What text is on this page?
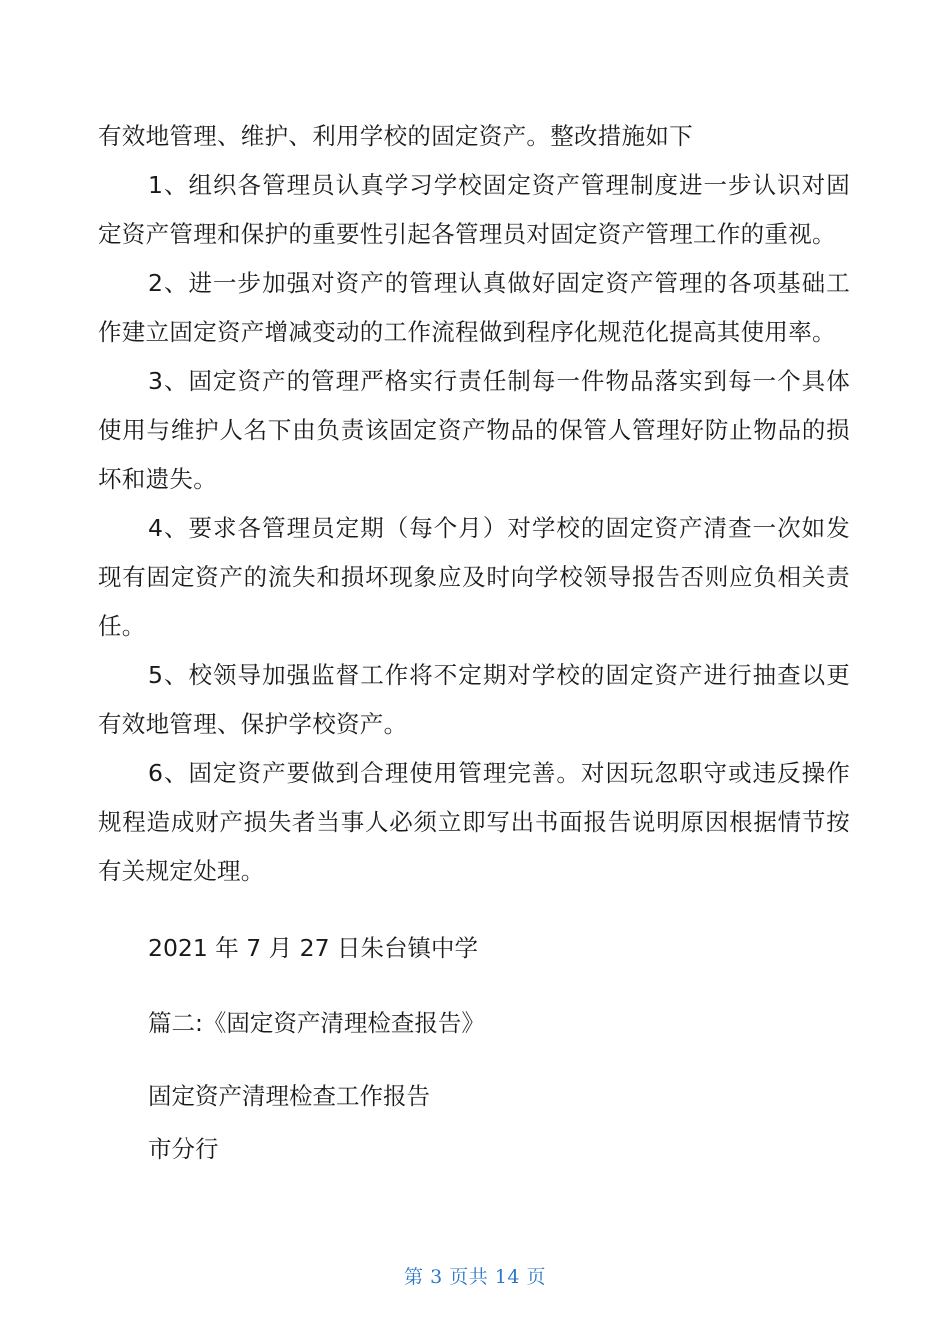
有效地管理、维护、利用学校的固定资产。整改措施如下

1、组织各管理员认真学习学校固定资产管理制度进一步认识对固定资产管理和保护的重要性引起各管理员对固定资产管理工作的重视。

2、进一步加强对资产的管理认真做好固定资产管理的各项基础工作建立固定资产增减变动的工作流程做到程序化规范化提高其使用率。

3、固定资产的管理严格实行责任制每一件物品落实到每一个具体使用与维护人名下由负责该固定资产物品的保管人管理好防止物品的损坏和遗失。

4、要求各管理员定期（每个月）对学校的固定资产清查一次如发现有固定资产的流失和损坏现象应及时向学校领导报告否则应负相关责任。

5、校领导加强监督工作将不定期对学校的固定资产进行抽查以更有效地管理、保护学校资产。

6、固定资产要做到合理使用管理完善。对因玩忽职守或违反操作规程造成财产损失者当事人必须立即写出书面报告说明原因根据情节按有关规定处理。

2021 年 7 月 27 日朱台镇中学

篇二:《固定资产清理检查报告》

固定资产清理检查工作报告

市分行

第 3 页共 14 页
